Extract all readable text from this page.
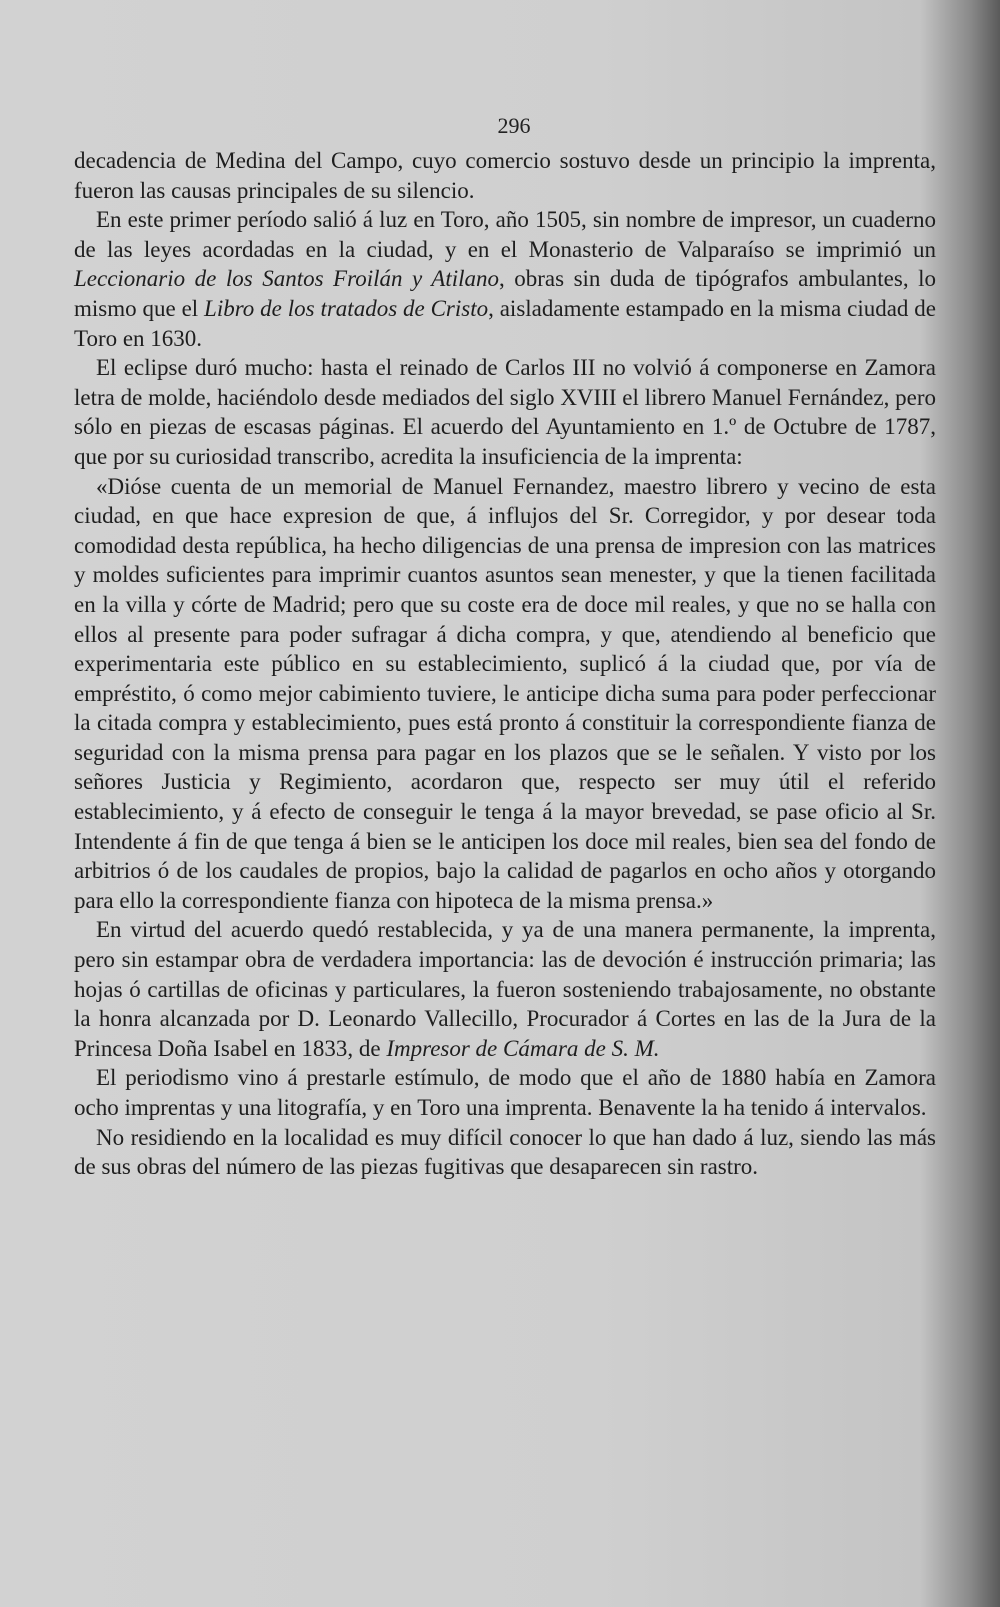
296

decadencia de Medina del Campo, cuyo comercio sostuvo desde un principio la imprenta, fueron las causas principales de su silencio.

En este primer período salió á luz en Toro, año 1505, sin nombre de impresor, un cuaderno de las leyes acordadas en la ciudad, y en el Monasterio de Valparaíso se imprimió un Leccionario de los Santos Froilán y Atilano, obras sin duda de tipógrafos ambulantes, lo mismo que el Libro de los tratados de Cristo, aisladamente estampado en la misma ciudad de Toro en 1630.

El eclipse duró mucho: hasta el reinado de Carlos III no volvió á componerse en Zamora letra de molde, haciéndolo desde mediados del siglo XVIII el librero Manuel Fernández, pero sólo en piezas de escasas páginas. El acuerdo del Ayuntamiento en 1.º de Octubre de 1787, que por su curiosidad transcribo, acredita la insuficiencia de la imprenta:

«Dióse cuenta de un memorial de Manuel Fernandez, maestro librero y vecino de esta ciudad, en que hace expresion de que, á influjos del Sr. Corregidor, y por desear toda comodidad desta república, ha hecho diligencias de una prensa de impresion con las matrices y moldes suficientes para imprimir cuantos asuntos sean menester, y que la tienen facilitada en la villa y córte de Madrid; pero que su coste era de doce mil reales, y que no se halla con ellos al presente para poder sufragar á dicha compra, y que, atendiendo al beneficio que experimentaria este público en su establecimiento, suplicó á la ciudad que, por vía de empréstito, ó como mejor cabimiento tuviere, le anticipe dicha suma para poder perfeccionar la citada compra y establecimiento, pues está pronto á constituir la correspondiente fianza de seguridad con la misma prensa para pagar en los plazos que se le señalen. Y visto por los señores Justicia y Regimiento, acordaron que, respecto ser muy útil el referido establecimiento, y á efecto de conseguir le tenga á la mayor brevedad, se pase oficio al Sr. Intendente á fin de que tenga á bien se le anticipen los doce mil reales, bien sea del fondo de arbitrios ó de los caudales de propios, bajo la calidad de pagarlos en ocho años y otorgando para ello la correspondiente fianza con hipoteca de la misma prensa.»

En virtud del acuerdo quedó restablecida, y ya de una manera permanente, la imprenta, pero sin estampar obra de verdadera importancia: las de devoción é instrucción primaria; las hojas ó cartillas de oficinas y particulares, la fueron sosteniendo trabajosamente, no obstante la honra alcanzada por D. Leonardo Vallecillo, Procurador á Cortes en las de la Jura de la Princesa Doña Isabel en 1833, de Impresor de Cámara de S. M.

El periodismo vino á prestarle estímulo, de modo que el año de 1880 había en Zamora ocho imprentas y una litografía, y en Toro una imprenta. Benavente la ha tenido á intervalos.

No residiendo en la localidad es muy difícil conocer lo que han dado á luz, siendo las más de sus obras del número de las piezas fugitivas que desaparecen sin rastro.
